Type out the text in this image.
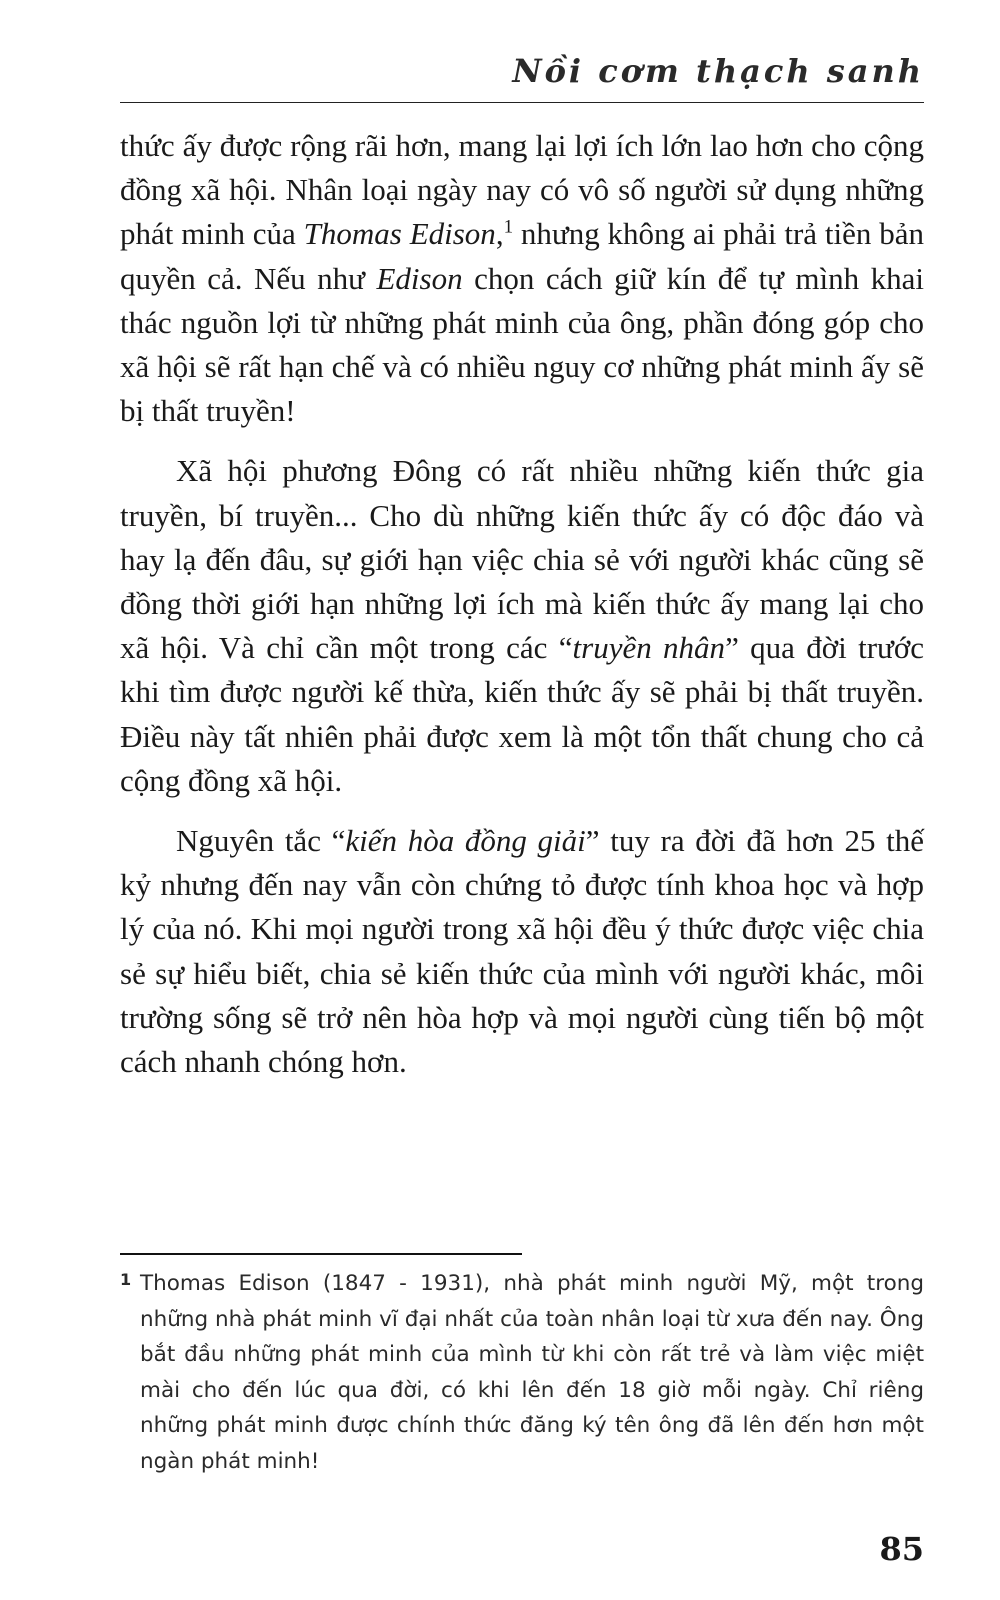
Nồi cơm thạch sanh

thức ấy được rộng rãi hơn, mang lại lợi ích lớn lao hơn cho cộng đồng xã hội. Nhân loại ngày nay có vô số người sử dụng những phát minh của Thomas Edison,$^1$ nhưng không ai phải trả tiền bản quyền cả. Nếu như Edison chọn cách giữ kín để tự mình khai thác nguồn lợi từ những phát minh của ông, phần đóng góp cho xã hội sẽ rất hạn chế và có nhiều nguy cơ những phát minh ấy sẽ bị thất truyền!

Xã hội phương Đông có rất nhiều những kiến thức gia truyền, bí truyền... Cho dù những kiến thức ấy có độc đáo và hay lạ đến đâu, sự giới hạn việc chia sẻ với người khác cũng sẽ đồng thời giới hạn những lợi ích mà kiến thức ấy mang lại cho xã hội. Và chỉ cần một trong các “truyền nhân” qua đời trước khi tìm được người kế thừa, kiến thức ấy sẽ phải bị thất truyền. Điều này tất nhiên phải được xem là một tổn thất chung cho cả cộng đồng xã hội.

Nguyên tắc “kiến hòa đồng giải” tuy ra đời đã hơn 25 thế kỷ nhưng đến nay vẫn còn chứng tỏ được tính khoa học và hợp lý của nó. Khi mọi người trong xã hội đều ý thức được việc chia sẻ sự hiểu biết, chia sẻ kiến thức của mình với người khác, môi trường sống sẽ trở nên hòa hợp và mọi người cùng tiến bộ một cách nhanh chóng hơn.

1 Thomas Edison (1847 - 1931), nhà phát minh người Mỹ, một trong những nhà phát minh vĩ đại nhất của toàn nhân loại từ xưa đến nay. Ông bắt đầu những phát minh của mình từ khi còn rất trẻ và làm việc miệt mài cho đến lúc qua đời, có khi lên đến 18 giờ mỗi ngày. Chỉ riêng những phát minh được chính thức đăng ký tên ông đã lên đến hơn một ngàn phát minh!
85
